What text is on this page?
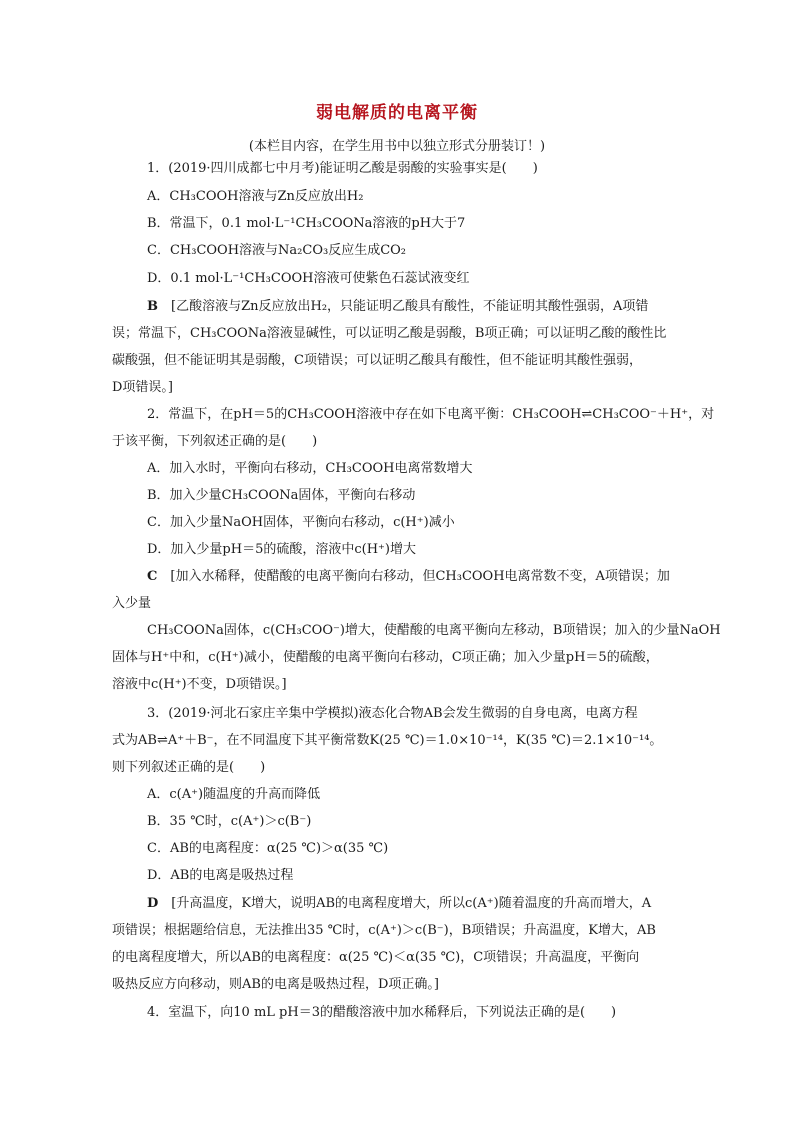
弱电解质的电离平衡
(本栏目内容，在学生用书中以独立形式分册装订！)
1．(2019·四川成都七中月考)能证明乙酸是弱酸的实验事实是(　　)
A．CH₃COOH溶液与Zn反应放出H₂
B．常温下，0.1 mol·L⁻¹CH₃COONa溶液的pH大于7
C．CH₃COOH溶液与Na₂CO₃反应生成CO₂
D．0.1 mol·L⁻¹CH₃COOH溶液可使紫色石蕊试液变红
B　 [乙酸溶液与Zn反应放出H₂，只能证明乙酸具有酸性，不能证明其酸性强弱，A项错
误；常温下，CH₃COONa溶液显碱性，可以证明乙酸是弱酸，B项正确；可以证明乙酸的酸性比
碳酸强，但不能证明其是弱酸，C项错误；可以证明乙酸具有酸性，但不能证明其酸性强弱，
D项错误。]
2．常温下，在pH＝5的CH₃COOH溶液中存在如下电离平衡：CH₃COOH⇌CH₃COO⁻＋H⁺，对
于该平衡，下列叙述正确的是(　　)
A．加入水时，平衡向右移动，CH₃COOH电离常数增大
B．加入少量CH₃COONa固体，平衡向右移动
C．加入少量NaOH固体，平衡向右移动，c(H⁺)减小
D．加入少量pH＝5的硫酸，溶液中c(H⁺)增大
C　 [加入水稀释，使醋酸的电离平衡向右移动，但CH₃COOH电离常数不变，A项错误；加
入少量
CH₃COONa固体，c(CH₃COO⁻)增大，使醋酸的电离平衡向左移动，B项错误；加入的少量NaOH
固体与H⁺中和，c(H⁺)减小，使醋酸的电离平衡向右移动，C项正确；加入少量pH＝5的硫酸，
溶液中c(H⁺)不变，D项错误。]
3．(2019·河北石家庄辛集中学模拟)液态化合物AB会发生微弱的自身电离，电离方程
式为AB⇌A⁺＋B⁻，在不同温度下其平衡常数K(25 ℃)＝1.0×10⁻¹⁴，K(35 ℃)＝2.1×10⁻¹⁴。
则下列叙述正确的是(　　)
A．c(A⁺)随温度的升高而降低
B．35 ℃时，c(A⁺)＞c(B⁻)
C．AB的电离程度：α(25 ℃)＞α(35 ℃)
D．AB的电离是吸热过程
D　 [升高温度，K增大，说明AB的电离程度增大，所以c(A⁺)随着温度的升高而增大，A
项错误；根据题给信息，无法推出35 ℃时，c(A⁺)＞c(B⁻)，B项错误；升高温度，K增大，AB
的电离程度增大，所以AB的电离程度：α(25 ℃)＜α(35 ℃)，C项错误；升高温度，平衡向
吸热反应方向移动，则AB的电离是吸热过程，D项正确。]
4．室温下，向10 mL pH＝3的醋酸溶液中加水稀释后，下列说法正确的是(　　)
